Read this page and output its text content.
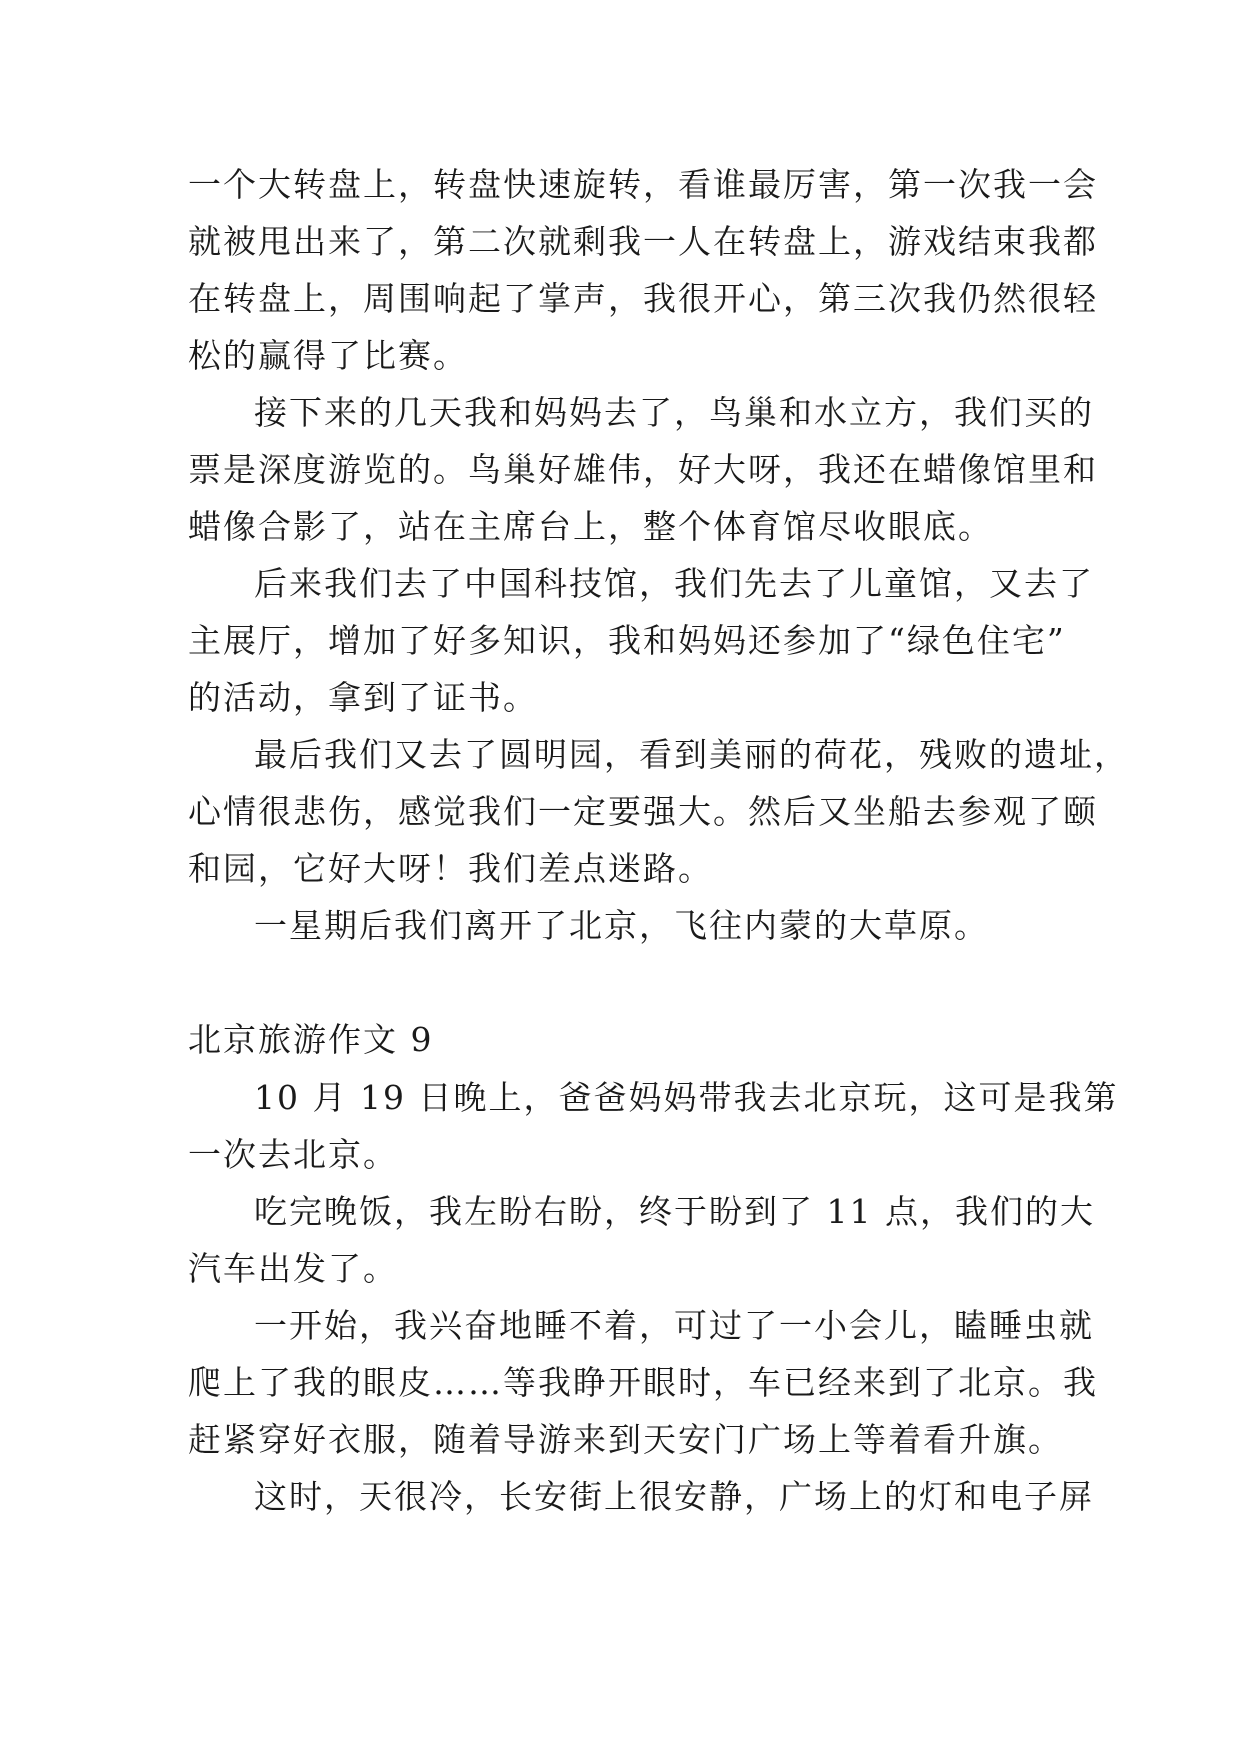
一个大转盘上，转盘快速旋转，看谁最厉害，第一次我一会
就被甩出来了，第二次就剩我一人在转盘上，游戏结束我都
在转盘上，周围响起了掌声，我很开心，第三次我仍然很轻
松的赢得了比赛。
接下来的几天我和妈妈去了，鸟巢和水立方，我们买的
票是深度游览的。鸟巢好雄伟，好大呀，我还在蜡像馆里和
蜡像合影了，站在主席台上，整个体育馆尽收眼底。
后来我们去了中国科技馆，我们先去了儿童馆，又去了
主展厅，增加了好多知识，我和妈妈还参加了“绿色住宅”
的活动，拿到了证书。
最后我们又去了圆明园，看到美丽的荷花，残败的遗址，
心情很悲伤，感觉我们一定要强大。然后又坐船去参观了颐
和园，它好大呀！我们差点迷路。
一星期后我们离开了北京，飞往内蒙的大草原。
北京旅游作文 9
10 月 19 日晚上，爸爸妈妈带我去北京玩，这可是我第
一次去北京。
吃完晚饭，我左盼右盼，终于盼到了 11 点，我们的大
汽车出发了。
一开始，我兴奋地睡不着，可过了一小会儿，瞌睡虫就
爬上了我的眼皮……等我睁开眼时，车已经来到了北京。我
赶紧穿好衣服，随着导游来到天安门广场上等着看升旗。
这时，天很冷，长安街上很安静，广场上的灯和电子屏
